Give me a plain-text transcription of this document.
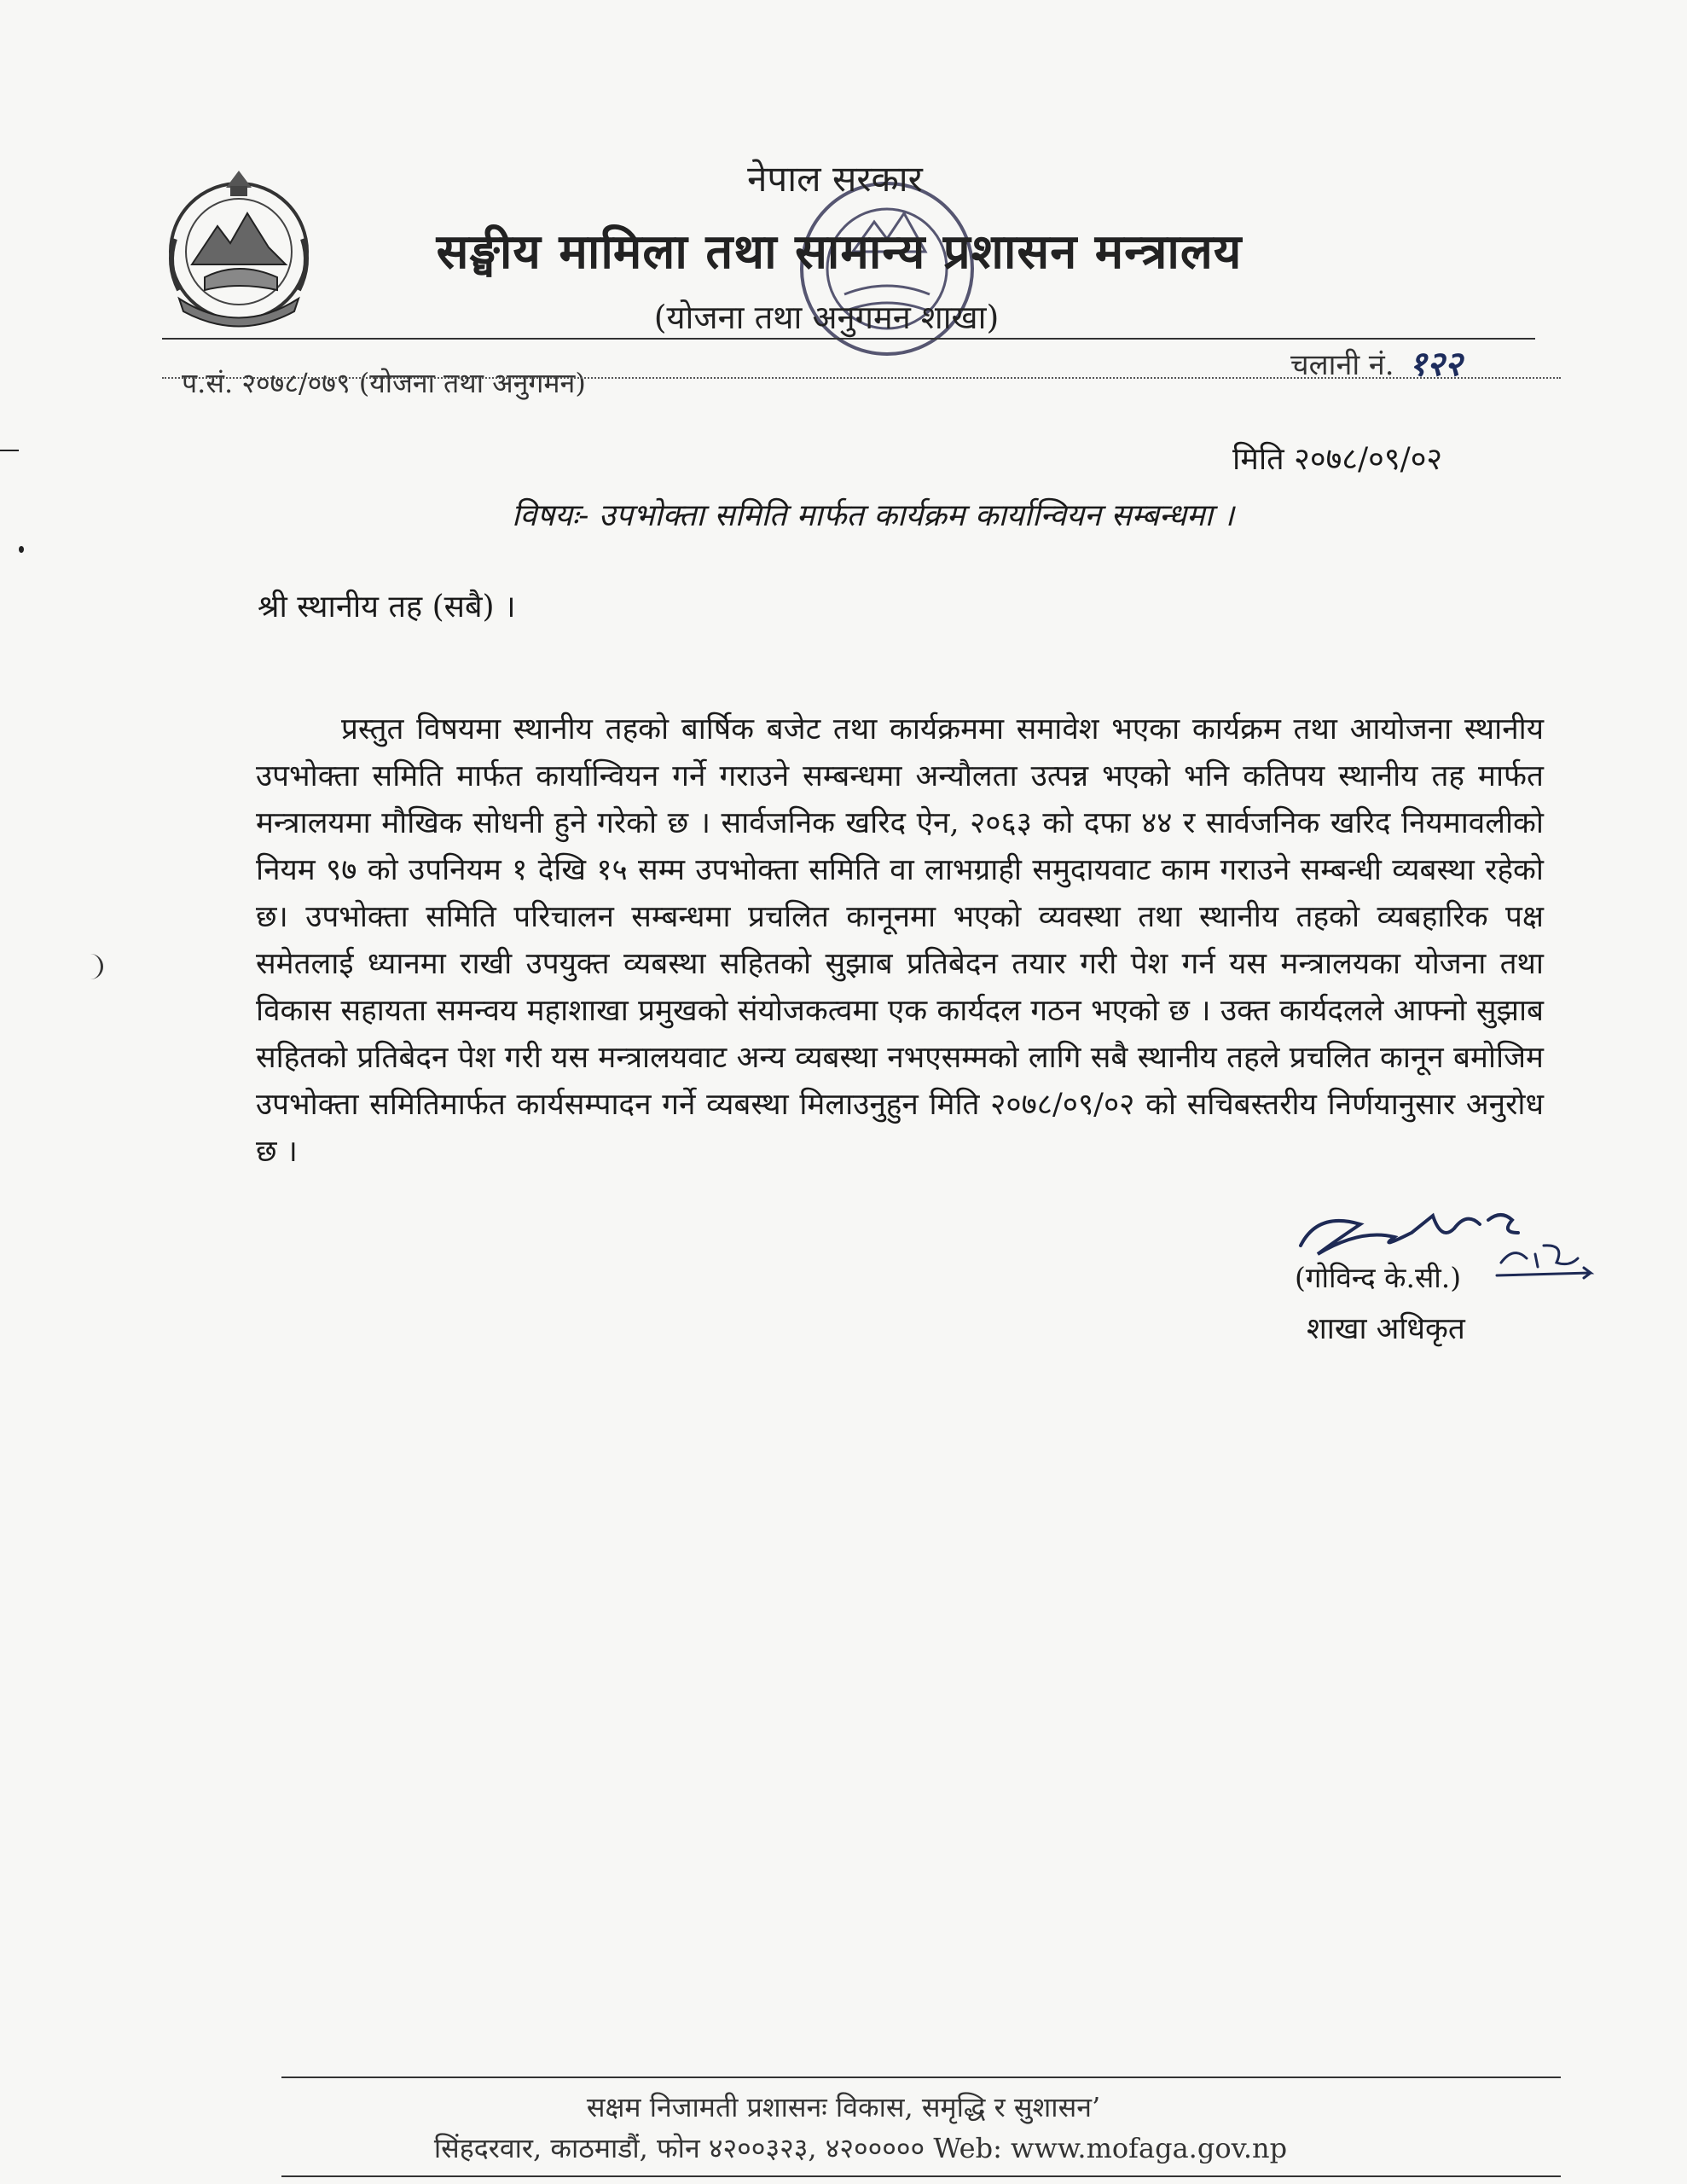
नेपाल सरकार
सङ्घीय मामिला तथा सामान्य प्रशासन मन्त्रालय
(योजना तथा अनुगमन शाखा)
प.सं. २०७८/०७९ (योजना तथा अनुगमन)
चलानी नं. १२२
मिति २०७८/०९/०२
विषयः- उपभोक्ता समिति मार्फत कार्यक्रम कार्यान्वियन सम्बन्धमा ।
श्री स्थानीय तह (सबै) ।
प्रस्तुत विषयमा स्थानीय तहको बार्षिक बजेट तथा कार्यक्रममा समावेश भएका कार्यक्रम तथा आयोजना स्थानीय उपभोक्ता समिति मार्फत कार्यान्वियन गर्ने गराउने सम्बन्धमा अन्यौलता उत्पन्न भएको भनि कतिपय स्थानीय तह मार्फत मन्त्रालयमा मौखिक सोधनी हुने गरेको छ । सार्वजनिक खरिद ऐन, २०६३ को दफा ४४ र सार्वजनिक खरिद नियमावलीको नियम ९७ को उपनियम १ देखि १५ सम्म उपभोक्ता समिति वा लाभग्राही समुदायवाट काम गराउने सम्बन्धी व्यबस्था रहेको छ। उपभोक्ता समिति परिचालन सम्बन्धमा प्रचलित कानूनमा भएको व्यवस्था तथा स्थानीय तहको व्यबहारिक पक्ष समेतलाई ध्यानमा राखी उपयुक्त व्यबस्था सहितको सुझाब प्रतिबेदन तयार गरी पेश गर्न यस मन्त्रालयका योजना तथा विकास सहायता समन्वय महाशाखा प्रमुखको संयोजकत्वमा एक कार्यदल गठन भएको छ । उक्त कार्यदलले आफ्नो सुझाब सहितको प्रतिबेदन पेश गरी यस मन्त्रालयवाट अन्य व्यबस्था नभएसम्मको लागि सबै स्थानीय तहले प्रचलित कानून बमोजिम उपभोक्ता समितिमार्फत कार्यसम्पादन गर्ने व्यबस्था मिलाउनुहुन मिति २०७८/०९/०२ को सचिबस्तरीय निर्णयानुसार अनुरोध छ ।
(गोविन्द के.सी.)
शाखा अधिकृत
सक्षम निजामती प्रशासनः विकास, समृद्धि र सुशासन’
सिंहदरवार, काठमाडौं, फोन ४२००३२३, ४२००००० Web: www.mofaga.gov.np
